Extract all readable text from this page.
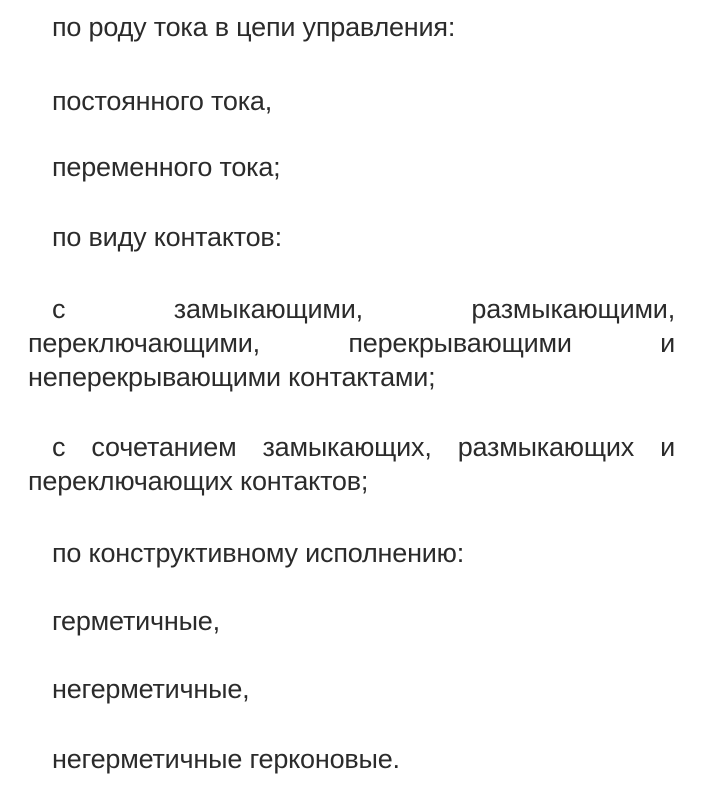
по роду тока в цепи управления:

постоянного тока,

переменного тока;

по виду контактов:

с замыкающими, размыкающими, переключающими, перекрывающими и неперекрывающими контактами;

с сочетанием замыкающих, размыкающих и переключающих контактов;

по конструктивному исполнению:

герметичные,

негерметичные,

негерметичные герконовые.
